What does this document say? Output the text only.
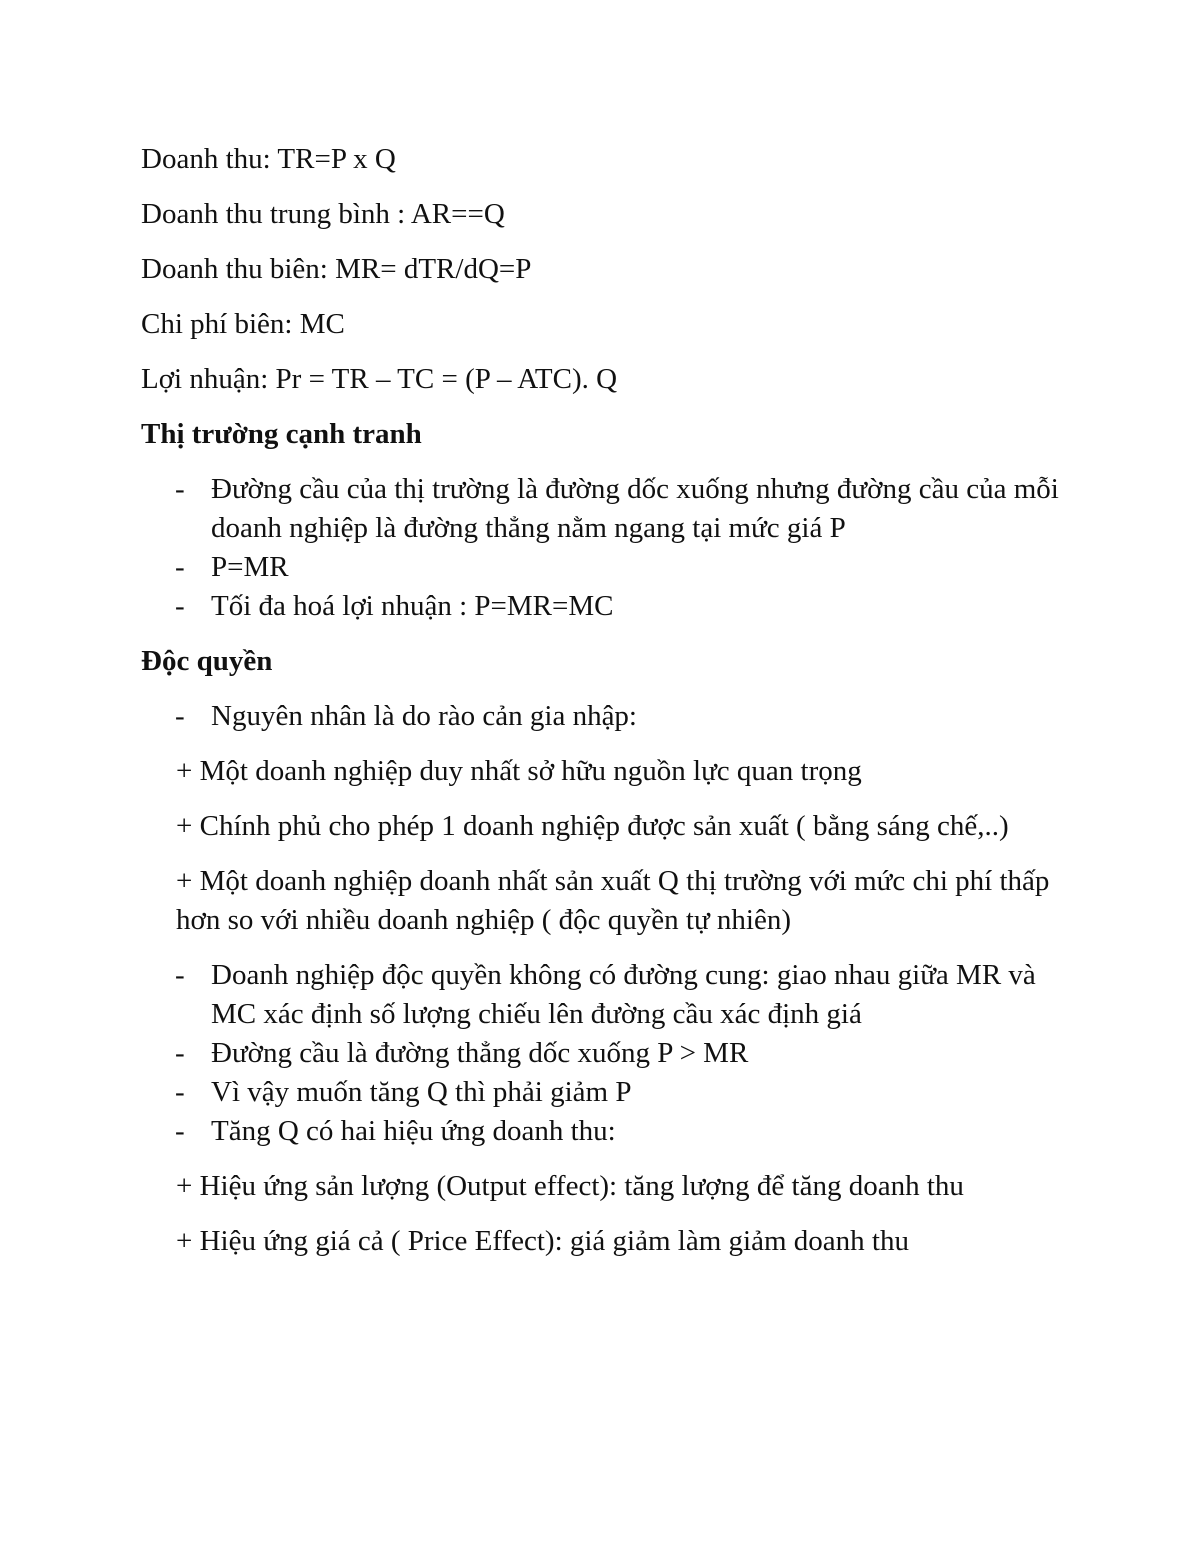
Doanh thu: TR=P x Q

Doanh thu trung bình : AR==Q

Doanh thu biên: MR= dTR/dQ=P

Chi phí biên: MC

Lợi nhuận: Pr = TR – TC = (P – ATC). Q

Thị trường cạnh tranh
- Đường cầu của thị trường là đường dốc xuống nhưng đường cầu của mỗi doanh nghiệp là đường thẳng nằm ngang tại mức giá P
- P=MR
- Tối đa hoá lợi nhuận : P=MR=MC
Độc quyền
- Nguyên nhân là do rào cản gia nhập:

+ Một doanh nghiệp duy nhất sở hữu nguồn lực quan trọng

+ Chính phủ cho phép 1 doanh nghiệp được sản xuất ( bằng sáng chế,..)

+ Một doanh nghiệp doanh nhất sản xuất Q thị trường với mức chi phí thấp hơn so với nhiều doanh nghiệp ( độc quyền tự nhiên)

- Doanh nghiệp độc quyền không có đường cung: giao nhau giữa MR và MC xác định số lượng chiếu lên đường cầu xác định giá
- Đường cầu là đường thẳng dốc xuống P > MR
- Vì vậy muốn tăng Q thì phải giảm P
- Tăng Q có hai hiệu ứng doanh thu:

+ Hiệu ứng sản lượng (Output effect): tăng lượng để tăng doanh thu

+ Hiệu ứng giá cả ( Price Effect): giá giảm làm giảm doanh thu
